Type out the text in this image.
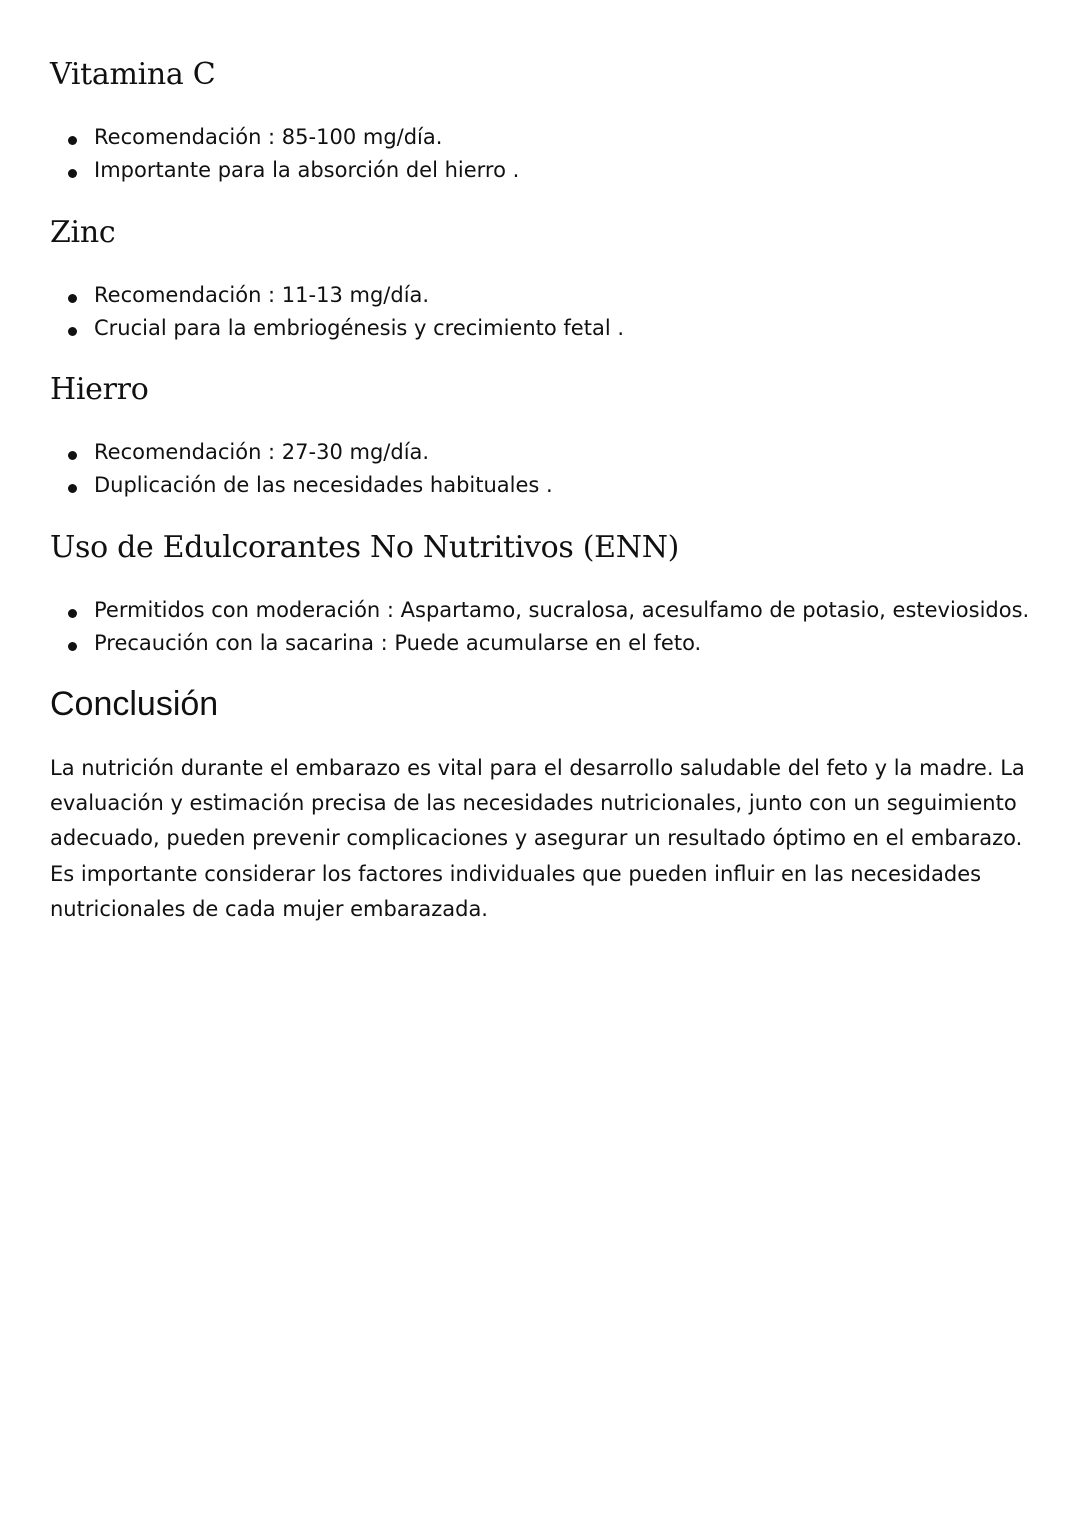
Vitamina C
Recomendación : 85-100 mg/día.
Importante para la absorción del hierro .
Zinc
Recomendación : 11-13 mg/día.
Crucial para la embriogénesis y crecimiento fetal .
Hierro
Recomendación : 27-30 mg/día.
Duplicación de las necesidades habituales .
Uso de Edulcorantes No Nutritivos (ENN)
Permitidos con moderación : Aspartamo, sucralosa, acesulfamo de potasio, esteviosidos.
Precaución con la sacarina : Puede acumularse en el feto.
Conclusión

La nutrición durante el embarazo es vital para el desarrollo saludable del feto y la madre. La evaluación y estimación precisa de las necesidades nutricionales, junto con un seguimiento adecuado, pueden prevenir complicaciones y asegurar un resultado óptimo en el embarazo. Es importante considerar los factores individuales que pueden influir en las necesidades nutricionales de cada mujer embarazada.
